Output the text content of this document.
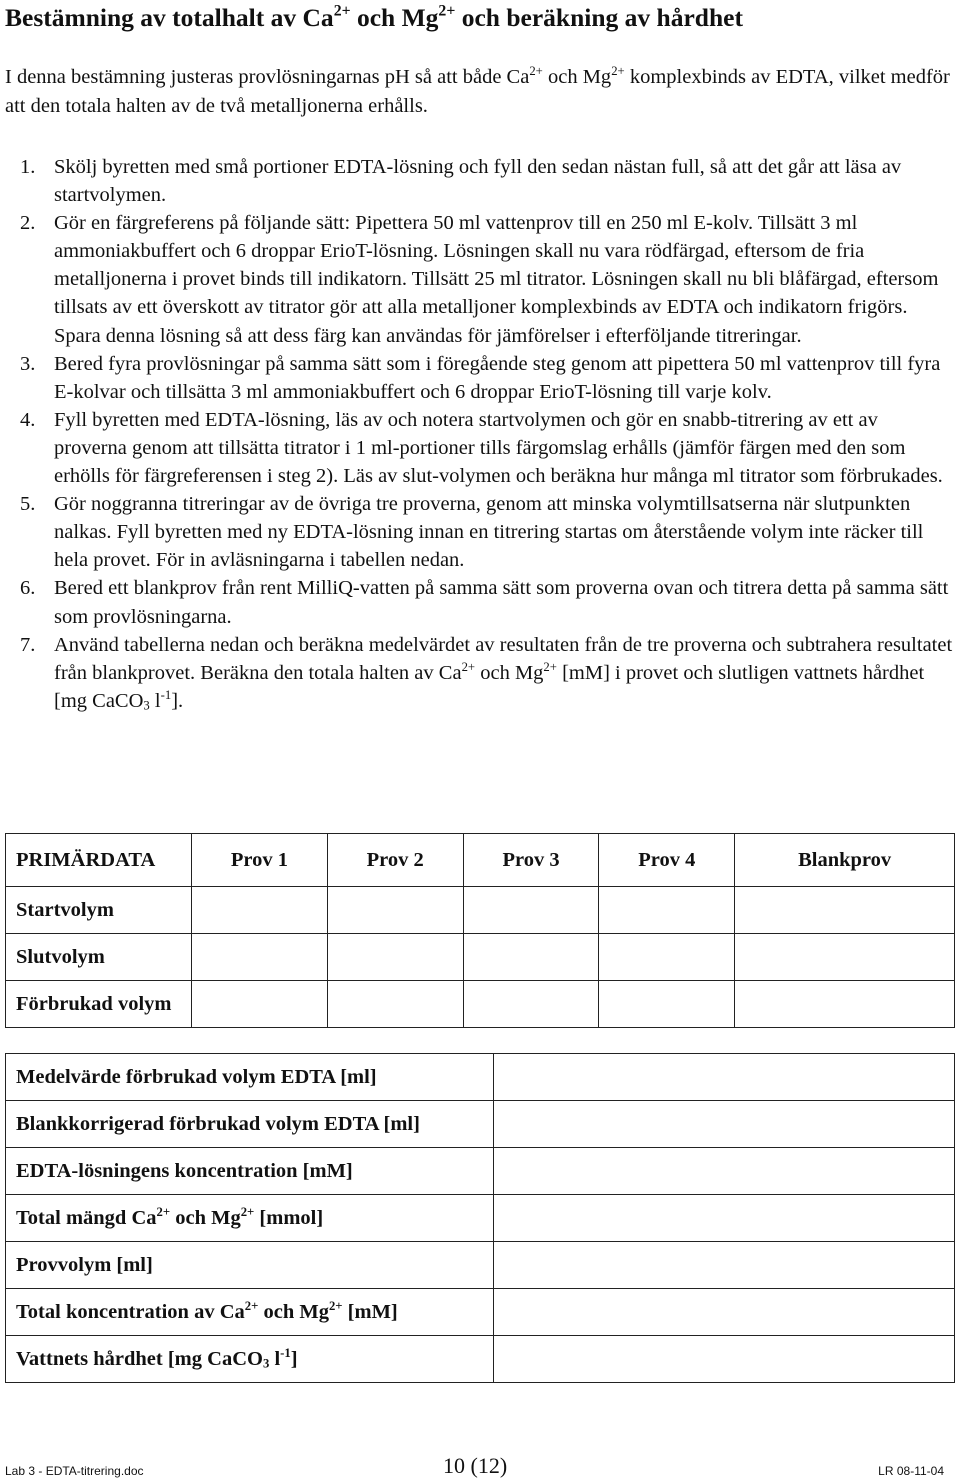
Bestämning av totalhalt av $Ca^{2+}$ och $Mg^{2+}$ och beräkning av hårdhet

I denna bestämning justeras provlösningarnas pH så att både $Ca^{2+}$ och $Mg^{2+}$ komplexbinds av EDTA, vilket medför att den totala halten av de två metalljonerna erhålls.

1. Skölj byretten med små portioner EDTA-lösning och fyll den sedan nästan full, så att det går att läsa av startvolymen.
2. Gör en färgreferens på följande sätt: Pipettera 50 ml vattenprov till en 250 ml E-kolv. Tillsätt 3 ml ammoniakbuffert och 6 droppar ErioT-lösning. Lösningen skall nu vara rödfärgad, eftersom de fria metalljonerna i provet binds till indikatorn. Tillsätt 25 ml titrator. Lösningen skall nu bli blåfärgad, eftersom tillsats av ett överskott av titrator gör att alla metalljoner komplexbinds av EDTA och indikatorn frigörs. Spara denna lösning så att dess färg kan användas för jämförelser i efterföljande titreringar.
3. Bered fyra provlösningar på samma sätt som i föregående steg genom att pipettera 50 ml vattenprov till fyra E-kolvar och tillsätta 3 ml ammoniakbuffert och 6 droppar ErioT-lösning till varje kolv.
4. Fyll byretten med EDTA-lösning, läs av och notera startvolymen och gör en snabb-titrering av ett av proverna genom att tillsätta titrator i 1 ml-portioner tills färgomslag erhålls (jämför färgen med den som erhölls för färgreferensen i steg 2). Läs av slut-volymen och beräkna hur många ml titrator som förbrukades.
5. Gör noggranna titreringar av de övriga tre proverna, genom att minska volymtillsatserna när slutpunkten nalkas. Fyll byretten med ny EDTA-lösning innan en titrering startas om återstående volym inte räcker till hela provet. För in avläsningarna i tabellen nedan.
6. Bered ett blankprov från rent MilliQ-vatten på samma sätt som proverna ovan och titrera detta på samma sätt som provlösningarna.
7. Använd tabellerna nedan och beräkna medelvärdet av resultaten från de tre proverna och subtrahera resultatet från blankprovet. Beräkna den totala halten av $Ca^{2+}$ och $Mg^{2+}$ [mM] i provet och slutligen vattnets hårdhet [mg CaCO$_3$ $l^{-1}$].
PRIMÄRDATA	Prov 1	Prov 2	Prov 3	Prov 4	Blankprov
Startvolym					
Slutvolym					
Förbrukad volym					
Medelvärde förbrukad volym EDTA [ml]	
Blankkorrigerad förbrukad volym EDTA [ml]	
EDTA-lösningens koncentration [mM]	
Total mängd $Ca^{2+}$ och $Mg^{2+}$ [mmol]	
Provvolym [ml]	
Total koncentration av $Ca^{2+}$ och $Mg^{2+}$ [mM]	
Vattnets hårdhet [mg CaCO$_3$ $l^{-1}$]	
Lab 3 - EDTA-titrering.doc	10 (12)	LR 08-11-04
